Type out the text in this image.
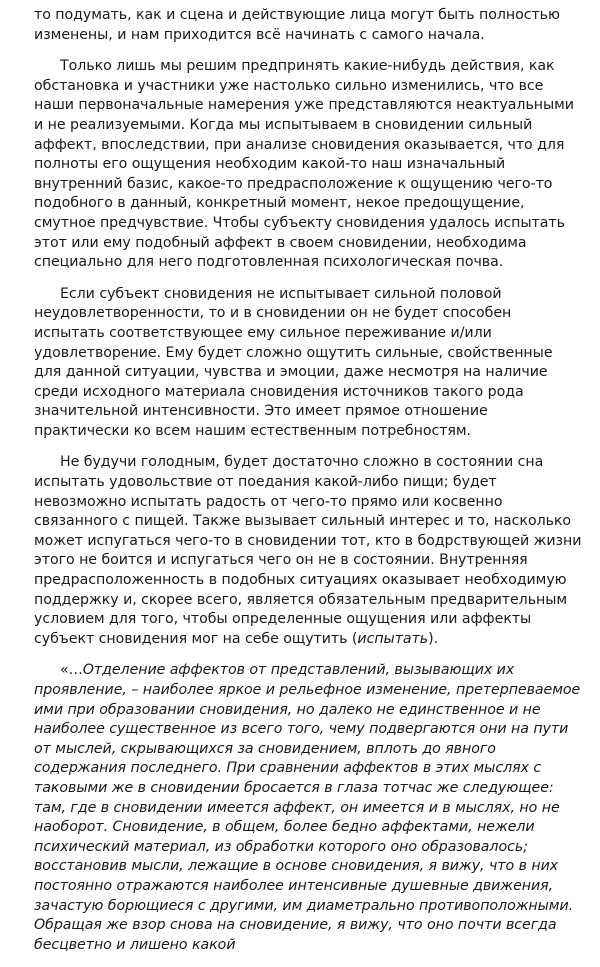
то подумать, как и сцена и действующие лица могут быть полностью изменены, и нам приходится всё начинать с самого начала.

Только лишь мы решим предпринять какие-нибудь действия, как обстановка и участники уже настолько сильно изменились, что все наши первоначальные намерения уже представляются неактуальными и не реализуемыми. Когда мы испытываем в сновидении сильный аффект, впоследствии, при анализе сновидения оказывается, что для полноты его ощущения необходим какой-то наш изначальный внутренний базис, какое-то предрасположение к ощущению чего-то подобного в данный, конкретный момент, некое предощущение, смутное предчувствие. Чтобы субъекту сновидения удалось испытать этот или ему подобный аффект в своем сновидении, необходима специально для него подготовленная психологическая почва.

Если субъект сновидения не испытывает сильной половой неудовлетворенности, то и в сновидении он не будет способен испытать соответствующее ему сильное переживание и/или удовлетворение. Ему будет сложно ощутить сильные, свойственные для данной ситуации, чувства и эмоции, даже несмотря на наличие среди исходного материала сновидения источников такого рода значительной интенсивности. Это имеет прямое отношение практически ко всем нашим естественным потребностям.

Не будучи голодным, будет достаточно сложно в состоянии сна испытать удовольствие от поедания какой-либо пищи; будет невозможно испытать радость от чего-то прямо или косвенно связанного с пищей. Также вызывает сильный интерес и то, насколько может испугаться чего-то в сновидении тот, кто в бодрствующей жизни этого не боится и испугаться чего он не в состоянии. Внутренняя предрасположенность в подобных ситуациях оказывает необходимую поддержку и, скорее всего, является обязательным предварительным условием для того, чтобы определенные ощущения или аффекты субъект сновидения мог на себе ощутить (испытать).

«…Отделение аффектов от представлений, вызывающих их проявление, – наиболее яркое и рельефное изменение, претерпеваемое ими при образовании сновидения, но далеко не единственное и не наиболее существенное из всего того, чему подвергаются они на пути от мыслей, скрывающихся за сновидением, вплоть до явного содержания последнего. При сравнении аффектов в этих мыслях с таковыми же в сновидении бросается в глаза тотчас же следующее: там, где в сновидении имеется аффект, он имеется и в мыслях, но не наоборот. Сновидение, в общем, более бедно аффектами, нежели психический материал, из обработки которого оно образовалось; восстановив мысли, лежащие в основе сновидения, я вижу, что в них постоянно отражаются наиболее интенсивные душевные движения, зачастую борющиеся с другими, им диаметрально противоположными. Обращая же взор снова на сновидение, я вижу, что оно почти всегда бесцветно и лишено какой
